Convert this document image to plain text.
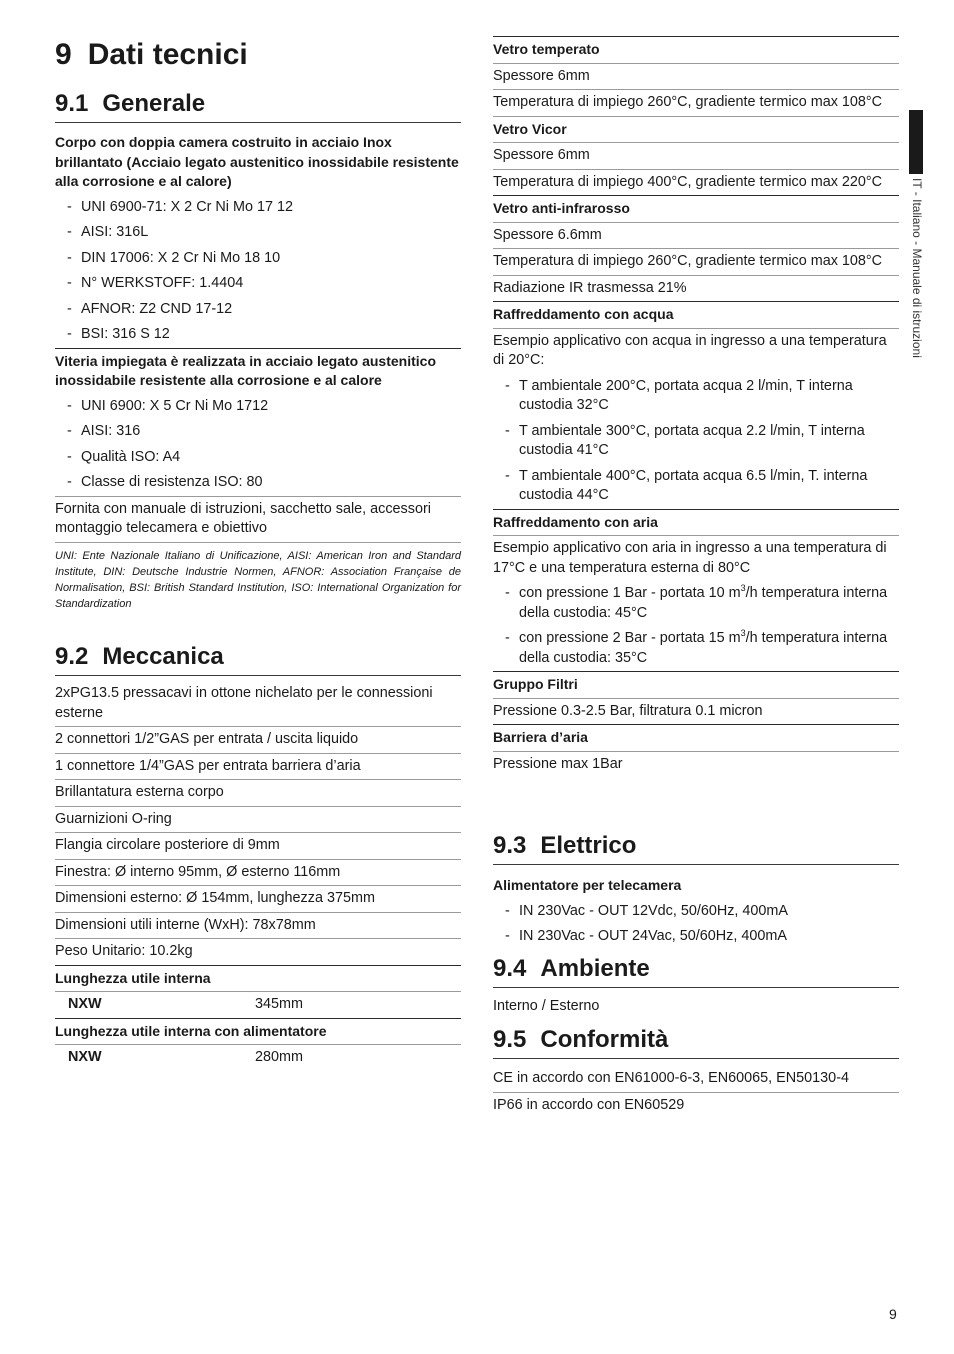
9 Dati tecnici
9.1 Generale
Corpo con doppia camera costruito in acciaio Inox brillantato (Acciaio legato austenitico inossidabile resistente alla corrosione e al calore)
- UNI 6900-71: X 2 Cr Ni Mo 17 12
- AISI: 316L
- DIN 17006: X 2 Cr Ni Mo 18 10
- N° WERKSTOFF: 1.4404
- AFNOR: Z2 CND 17-12
- BSI: 316 S 12
Viteria impiegata è realizzata in acciaio legato austenitico inossidabile resistente alla corrosione e al calore
- UNI 6900: X 5 Cr Ni Mo 1712
- AISI: 316
- Qualità ISO: A4
- Classe di resistenza ISO: 80
Fornita con manuale di istruzioni, sacchetto sale, accessori montaggio telecamera e obiettivo
UNI: Ente Nazionale Italiano di Unificazione, AISI: American Iron and Standard Institute, DIN: Deutsche Industrie Normen, AFNOR: Association Française de Normalisation, BSI: British Standard Institution, ISO: International Organization for Standardization
9.2 Meccanica
2xPG13.5 pressacavi in ottone nichelato per le connessioni esterne
2 connettori 1/2”GAS per entrata / uscita liquido
1 connettore 1/4”GAS per entrata barriera d’aria
Brillantatura esterna corpo
Guarnizioni O-ring
Flangia circolare posteriore di 9mm
Finestra: Ø interno 95mm, Ø esterno 116mm
Dimensioni esterno: Ø 154mm, lunghezza 375mm
Dimensioni utili interne (WxH): 78x78mm
Peso Unitario: 10.2kg
Lunghezza utile interna
NXW	345mm
Lunghezza utile interna con alimentatore
NXW	280mm
Vetro temperato
Spessore 6mm
Temperatura di impiego 260°C, gradiente termico max 108°C
Vetro Vicor
Spessore 6mm
Temperatura di impiego 400°C, gradiente termico max 220°C
Vetro anti-infrarosso
Spessore 6.6mm
Temperatura di impiego 260°C, gradiente termico max 108°C
Radiazione IR trasmessa 21%
Raffreddamento con acqua
Esempio applicativo con acqua in ingresso a una temperatura di 20°C:
- T ambientale 200°C, portata acqua 2 l/min, T interna custodia 32°C
- T ambientale 300°C, portata acqua 2.2 l/min, T interna custodia 41°C
- T ambientale 400°C, portata acqua 6.5 l/min, T. interna custodia 44°C
Raffreddamento con aria
Esempio applicativo con aria in ingresso a una temperatura di 17°C e una temperatura esterna di 80°C
- con pressione 1 Bar - portata 10 $m^3/h$ temperatura interna della custodia: 45°C
- con pressione 2 Bar - portata 15 $m^3/h$ temperatura interna della custodia: 35°C
Gruppo Filtri
Pressione 0.3-2.5 Bar, filtratura 0.1 micron
Barriera d’aria
Pressione max 1Bar
9.3 Elettrico
Alimentatore per telecamera
- IN 230Vac - OUT 12Vdc, 50/60Hz, 400mA
- IN 230Vac - OUT 24Vac, 50/60Hz, 400mA
9.4 Ambiente
Interno / Esterno
9.5 Conformità
CE in accordo con EN61000-6-3, EN60065, EN50130-4
IP66 in accordo con EN60529
IT - Italiano - Manuale di istruzioni
9
